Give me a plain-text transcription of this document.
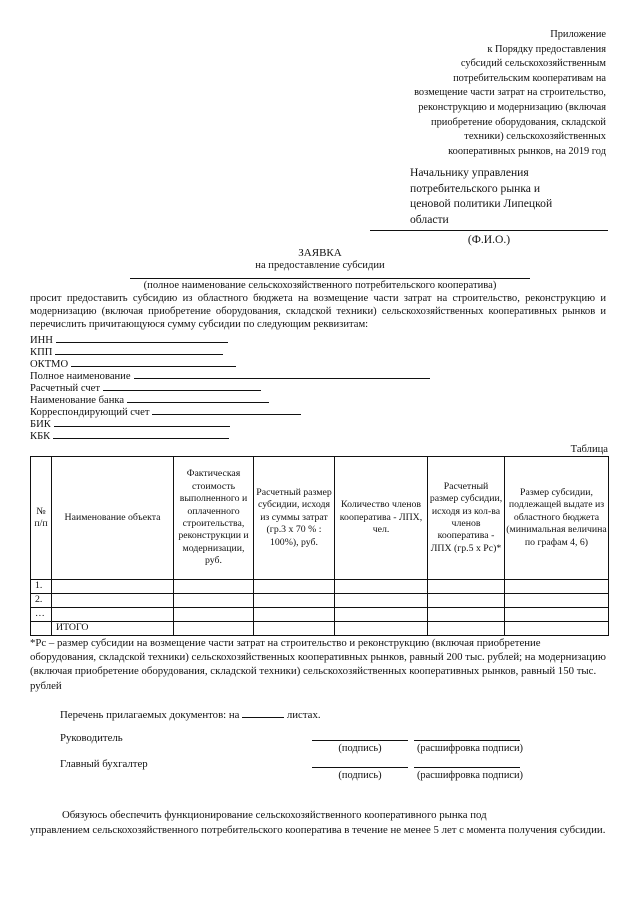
Приложение
к Порядку предоставления
субсидий сельскохозяйственным
потребительским кооперативам на
возмещение части затрат на строительство,
реконструкцию и модернизацию (включая
приобретение оборудования, складской
техники) сельскохозяйственных
кооперативных рынков, на 2019 год
Начальнику управления
потребительского рынка и
ценовой политики Липецкой
области
(Ф.И.О.)
ЗАЯВКА
на предоставление субсидии
(полное наименование сельскохозяйственного потребительского кооператива)
просит предоставить субсидию из областного бюджета на возмещение части затрат на строительство, реконструкцию и модернизацию (включая приобретение оборудования, складской техники) сельскохозяйственных кооперативных рынков и перечислить причитающуюся сумму субсидии по следующим реквизитам:
ИНН
КПП
ОКТМО
Полное наименование
Расчетный счет
Наименование банка
Корреспондирующий счет
БИК
КБК
Таблица
№ п/п	Наименование объекта	Фактическая стоимость выполненного и оплаченного строительства, реконструкции и модернизации, руб.	Расчетный размер субсидии, исходя из суммы затрат (гр.3 х 70 % : 100%), руб.	Количество членов кооператива - ЛПХ, чел.	Расчетный размер субсидии, исходя из кол-ва членов кооператива - ЛПХ (гр.5 х Рс)*	Размер субсидии, подлежащей выдате из областного бюджета (минимальная величина по графам 4, 6)
1.						
2.						
…						
	ИТОГО					
*Рс – размер субсидии на возмещение части затрат на строительство и реконструкцию (включая приобретение оборудования, складской техники) сельскохозяйственных кооперативных рынков, равный 200 тыс. рублей; на модернизацию (включая приобретение оборудования, складской техники) сельскохозяйственных кооперативных рынков, равный 150 тыс. рублей
Перечень прилагаемых документов: на	листах.
Руководитель
(подпись)	(расшифровка подписи)
Главный бухгалтер
(подпись)	(расшифровка подписи)
Обязуюсь обеспечить функционирование сельскохозяйственного кооперативного рынка под
управлением сельскохозяйственного потребительского кооператива в течение не менее 5 лет с момента получения субсидии.
